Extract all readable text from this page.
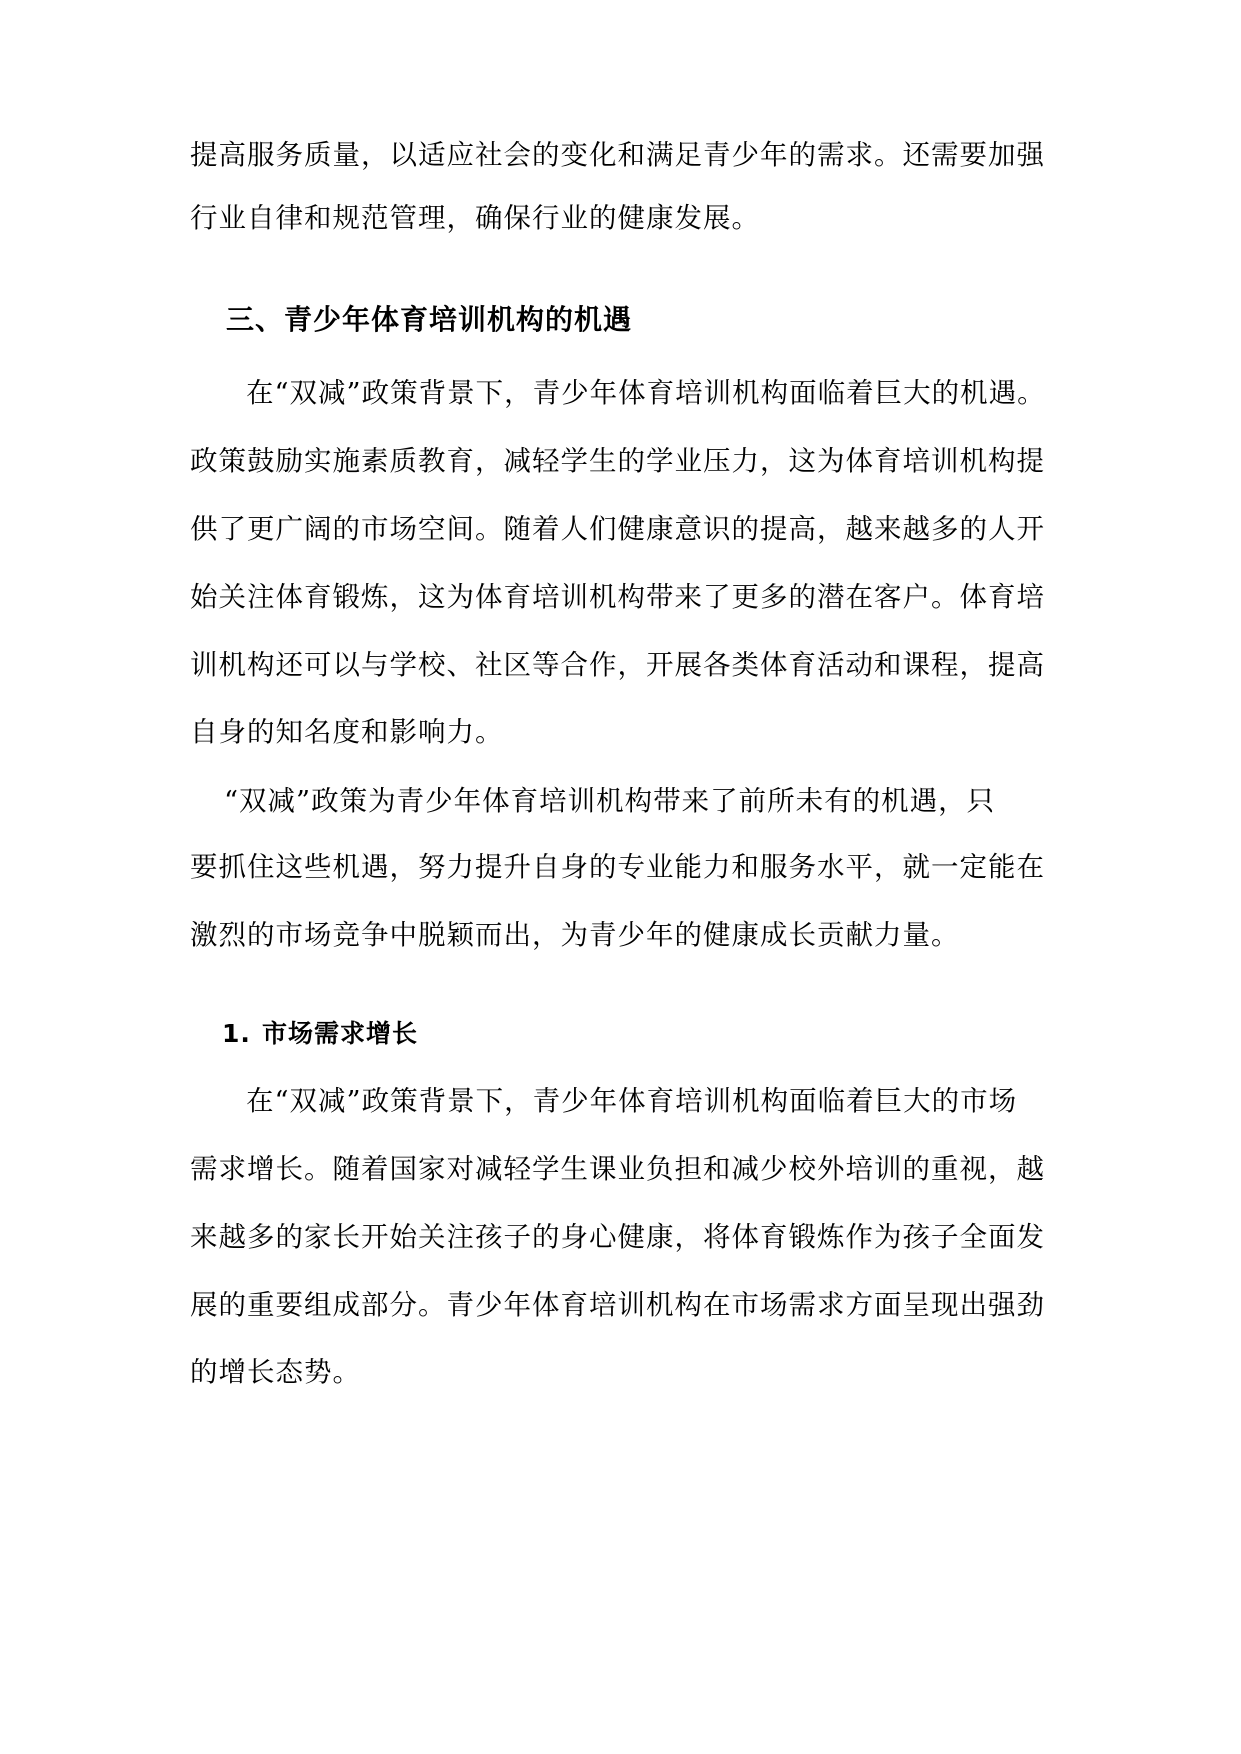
提高服务质量，以适应社会的变化和满足青少年的需求。还需要加强
行业自律和规范管理，确保行业的健康发展。
三、青少年体育培训机构的机遇
在“双减”政策背景下，青少年体育培训机构面临着巨大的机遇。
政策鼓励实施素质教育，减轻学生的学业压力，这为体育培训机构提
供了更广阔的市场空间。随着人们健康意识的提高，越来越多的人开
始关注体育锻炼，这为体育培训机构带来了更多的潜在客户。体育培
训机构还可以与学校、社区等合作，开展各类体育活动和课程，提高
自身的知名度和影响力。
“双减”政策为青少年体育培训机构带来了前所未有的机遇，只
要抓住这些机遇，努力提升自身的专业能力和服务水平，就一定能在
激烈的市场竞争中脱颖而出，为青少年的健康成长贡献力量。
1. 市场需求增长
在“双减”政策背景下，青少年体育培训机构面临着巨大的市场
需求增长。随着国家对减轻学生课业负担和减少校外培训的重视，越
来越多的家长开始关注孩子的身心健康，将体育锻炼作为孩子全面发
展的重要组成部分。青少年体育培训机构在市场需求方面呈现出强劲
的增长态势。
